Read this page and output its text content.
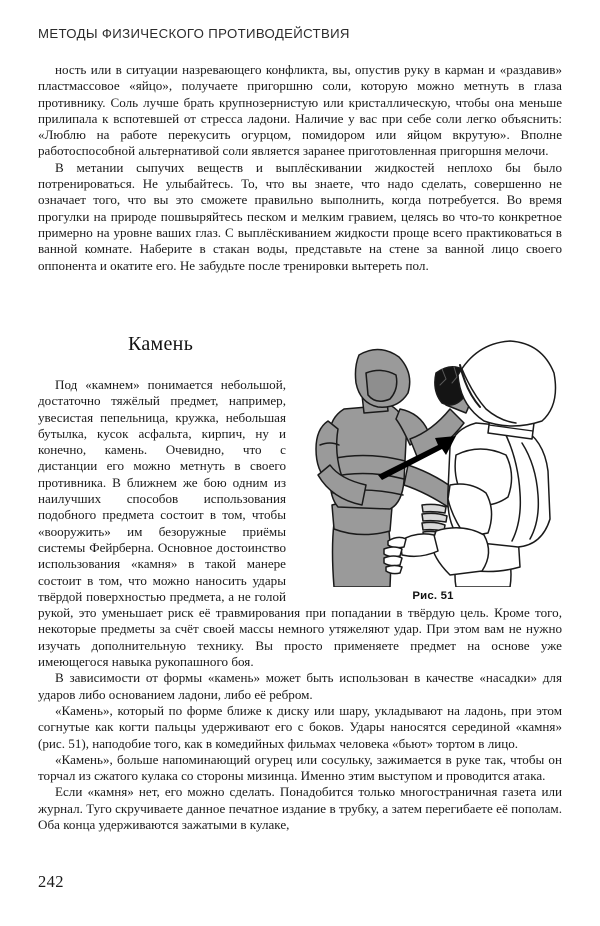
МЕТОДЫ ФИЗИЧЕСКОГО ПРОТИВОДЕЙСТВИЯ

ность или в ситуации назревающего конфликта, вы, опустив руку в карман и «раздавив» пластмассовое «яйцо», получаете пригоршню соли, которую можно метнуть в глаза противнику. Соль лучше брать крупнозернистую или кристаллическую, чтобы она меньше прилипала к вспотевшей от стресса ладони. Наличие у вас при себе соли легко объяснить: «Люблю на работе перекусить огурцом, помидором или яйцом вкрутую». Вполне работоспособной альтернативой соли является заранее приготовленная пригоршня мелочи.

В метании сыпучих веществ и выплёскивании жидкостей неплохо бы было потренироваться. Не улыбайтесь. То, что вы знаете, что надо сделать, совершенно не означает того, что вы это сможете правильно выполнить, когда потребуется. Во время прогулки на природе пошвыряйтесь песком и мелким гравием, целясь во что-то конкретное примерно на уровне ваших глаз. С выплёскиванием жидкости проще всего практиковаться в ванной комнате. Наберите в стакан воды, представьте на стене за ванной лицо своего оппонента и окатите его. Не забудьте после тренировки вытереть пол.

Камень
Рис. 51

Под «камнем» понимается небольшой, достаточно тяжёлый предмет, например, увесистая пепельница, кружка, небольшая бутылка, кусок асфальта, кирпич, ну и конечно, камень. Очевидно, что с дистанции его можно метнуть в своего противника. В ближнем же бою одним из наилучших способов использования подобного предмета состоит в том, чтобы «вооружить» им безоружные приёмы системы Фейрберна. Основное достоинство использования «камня» в такой манере состоит в том, что можно наносить удары твёрдой поверхностью предмета, а не голой рукой, это уменьшает риск её травмирования при попадании в твёрдую цель. Кроме того, некоторые предметы за счёт своей массы немного утяжеляют удар. При этом вам не нужно изучать дополнительную технику. Вы просто применяете предмет на основе уже имеющегося навыка рукопашного боя.

В зависимости от формы «камень» может быть использован в качестве «насадки» для ударов либо основанием ладони, либо её ребром.

«Камень», который по форме ближе к диску или шару, укладывают на ладонь, при этом согнутые как когти пальцы удерживают его с боков. Удары наносятся серединой «камня» (рис. 51), наподобие того, как в комедийных фильмах человека «бьют» тортом в лицо.

«Камень», больше напоминающий огурец или сосульку, зажимается в руке так, чтобы он торчал из сжатого кулака со стороны мизинца. Именно этим выступом и проводится атака.

Если «камня» нет, его можно сделать. Понадобится только многостраничная газета или журнал. Туго скручиваете данное печатное издание в трубку, а затем перегибаете её пополам. Оба конца удерживаются зажатыми в кулаке,

242
